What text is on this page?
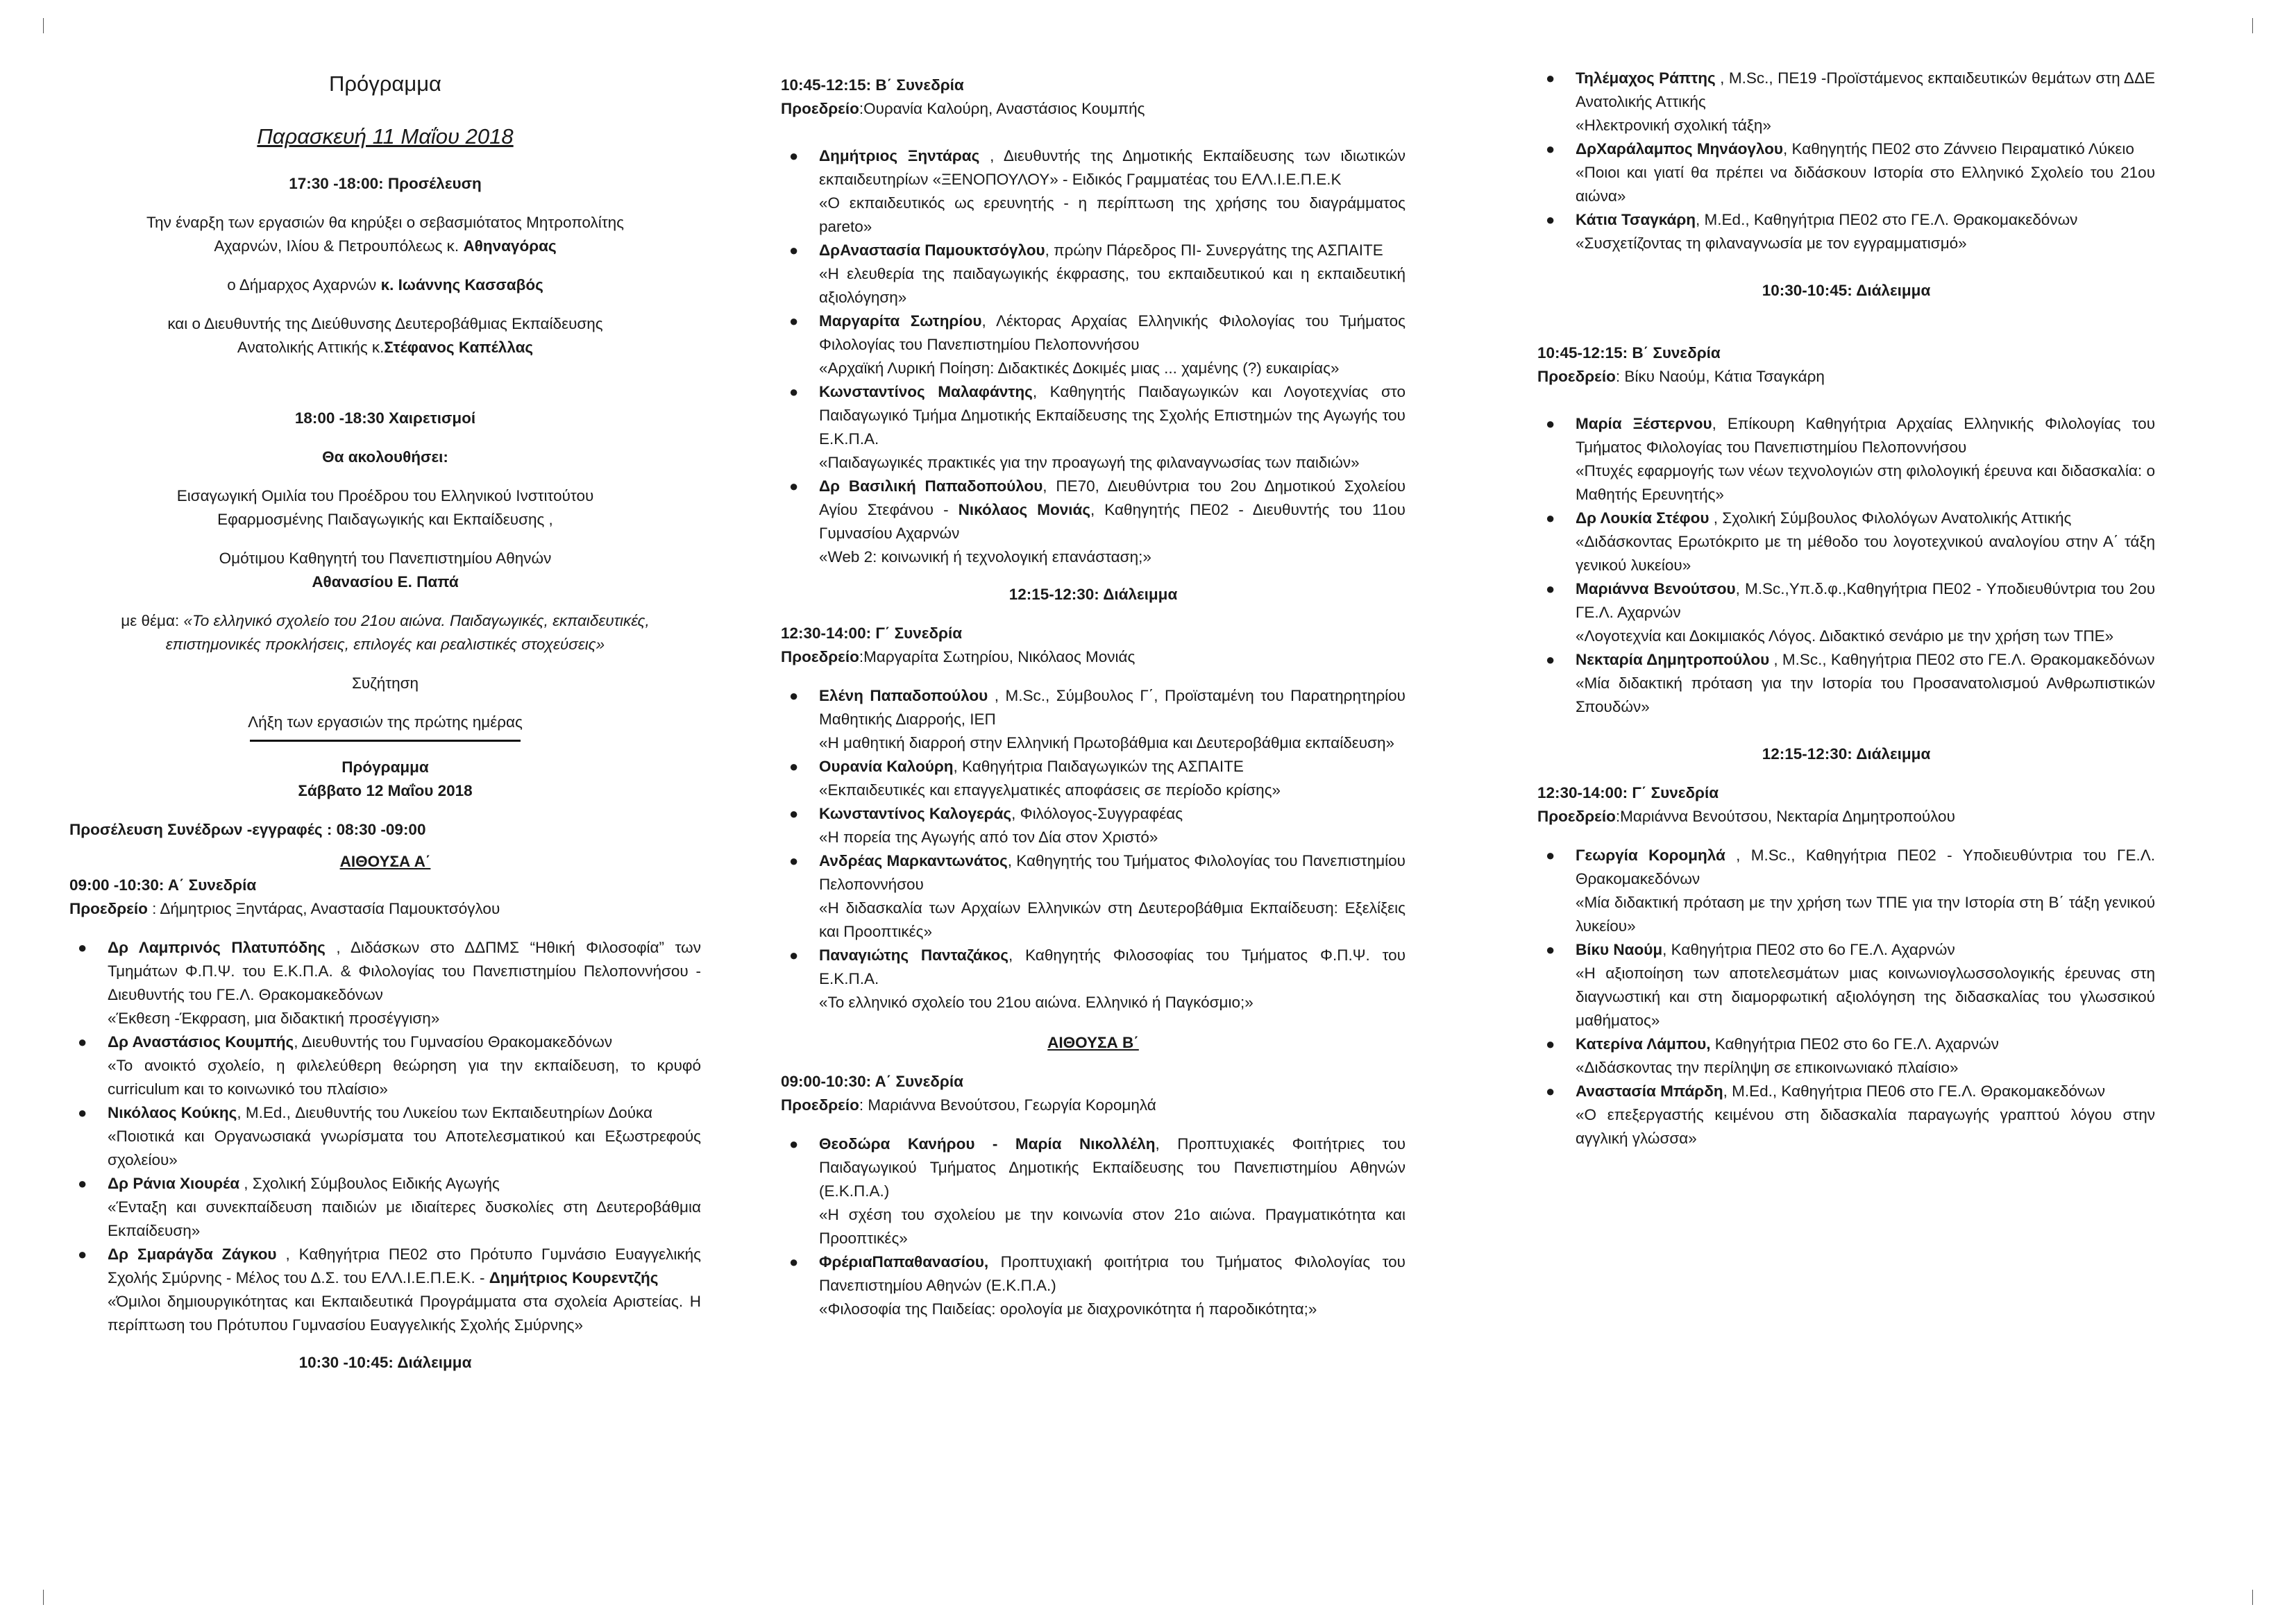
Πρόγραμμα
Παρασκευή 11 Μαΐου 2018
17:30 -18:00: Προσέλευση
Την έναρξη των εργασιών θα κηρύξει ο σεβασμιότατος Μητροπολίτης
Αχαρνών, Ιλίου & Πετρουπόλεως κ. Αθηναγόρας
ο Δήμαρχος Αχαρνών κ. Ιωάννης Κασσαβός
και ο Διευθυντής της Διεύθυνσης Δευτεροβάθμιας Εκπαίδευσης
Ανατολικής Αττικής κ.Στέφανος Καπέλλας
18:00 -18:30 Χαιρετισμοί
Θα ακολουθήσει:
Εισαγωγική Ομιλία του Προέδρου του Ελληνικού Ινστιτούτου
Εφαρμοσμένης Παιδαγωγικής και Εκπαίδευσης ,
Ομότιμου Καθηγητή του Πανεπιστημίου Αθηνών
Αθανασίου Ε. Παπά
με θέμα: «Το ελληνικό σχολείο του 21ου αιώνα. Παιδαγωγικές, εκπαιδευτικές,
επιστημονικές προκλήσεις, επιλογές και ρεαλιστικές στοχεύσεις»
Συζήτηση
Λήξη των εργασιών της πρώτης ημέρας
Πρόγραμμα
Σάββατο 12 Μαΐου 2018
Προσέλευση Συνέδρων -εγγραφές : 08:30 -09:00
ΑΙΘΟΥΣΑ Α΄
09:00 -10:30: Α΄ Συνεδρία
Προεδρείο : Δήμητριος Ξηντάρας, Αναστασία Παμουκτσόγλου
● Δρ Λαμπρινός Πλατυπόδης , Διδάσκων στο ΔΔΠΜΣ “Ηθική Φιλοσοφία” των Τμημάτων Φ.Π.Ψ. του Ε.Κ.Π.Α. & Φιλολογίας του Πανεπιστημίου Πελοποννήσου - Διευθυντής του ΓΕ.Λ. Θρακομακεδόνων
«Έκθεση -Έκφραση, μια διδακτική προσέγγιση»
● Δρ Αναστάσιος Κουμπής, Διευθυντής του Γυμνασίου Θρακομακεδόνων
«Το ανοικτό σχολείο, η φιλελεύθερη θεώρηση για την εκπαίδευση, το κρυφό curriculum και το κοινωνικό του πλαίσιο»
● Νικόλαος Κούκης, M.Ed., Διευθυντής του Λυκείου των Εκπαιδευτηρίων Δούκα
«Ποιοτικά και Οργανωσιακά γνωρίσματα του Αποτελεσματικού και Εξωστρεφούς σχολείου»
● Δρ Ράνια Χιουρέα , Σχολική Σύμβουλος Ειδικής Αγωγής
«Ένταξη και συνεκπαίδευση παιδιών με ιδιαίτερες δυσκολίες στη Δευτεροβάθμια Εκπαίδευση»
● Δρ Σμαράγδα Ζάγκου , Καθηγήτρια ΠΕ02 στο Πρότυπο Γυμνάσιο Ευαγγελικής Σχολής Σμύρνης - Μέλος του Δ.Σ. του ΕΛΛ.Ι.Ε.Π.Ε.Κ. - Δημήτριος Κουρεντζής
«Όμιλοι δημιουργικότητας και Εκπαιδευτικά Προγράμματα στα σχολεία Αριστείας. Η περίπτωση του Πρότυπου Γυμνασίου Ευαγγελικής Σχολής Σμύρνης»
10:30 -10:45: Διάλειμμα
10:45-12:15: Β΄ Συνεδρία
Προεδρείο:Ουρανία Καλούρη, Αναστάσιος Κουμπής
● Δημήτριος Ξηντάρας , Διευθυντής της Δημοτικής Εκπαίδευσης των ιδιωτικών εκπαιδευτηρίων «ΞΕΝΟΠΟΥΛΟΥ» - Ειδικός Γραμματέας του ΕΛΛ.Ι.Ε.Π.Ε.Κ
«Ο εκπαιδευτικός ως ερευνητής - η περίπτωση της χρήσης του διαγράμματος pareto»
● ΔρΑναστασία Παμουκτσόγλου, πρώην Πάρεδρος ΠΙ- Συνεργάτης της ΑΣΠΑΙΤΕ
«Η ελευθερία της παιδαγωγικής έκφρασης, του εκπαιδευτικού και η εκπαιδευτική αξιολόγηση»
● Μαργαρίτα Σωτηρίου, Λέκτορας Αρχαίας Ελληνικής Φιλολογίας του Τμήματος Φιλολογίας του Πανεπιστημίου Πελοποννήσου
«Αρχαϊκή Λυρική Ποίηση: Διδακτικές Δοκιμές μιας ... χαμένης (?) ευκαιρίας»
● Κωνσταντίνος Μαλαφάντης, Καθηγητής Παιδαγωγικών και Λογοτεχνίας στο Παιδαγωγικό Τμήμα Δημοτικής Εκπαίδευσης της Σχολής Επιστημών της Αγωγής του Ε.Κ.Π.Α.
«Παιδαγωγικές πρακτικές για την προαγωγή της φιλαναγνωσίας των παιδιών»
● Δρ Βασιλική Παπαδοπούλου, ΠΕ70, Διευθύντρια του 2ου Δημοτικού Σχολείου Αγίου Στεφάνου - Νικόλαος Μονιάς, Καθηγητής ΠΕ02 - Διευθυντής του 11ου Γυμνασίου Αχαρνών
«Web 2: κοινωνική ή τεχνολογική επανάσταση;»
12:15-12:30: Διάλειμμα
12:30-14:00: Γ΄ Συνεδρία
Προεδρείο:Μαργαρίτα Σωτηρίου, Νικόλαος Μονιάς
● Ελένη Παπαδοπούλου , M.Sc., Σύμβουλος Γ΄, Προϊσταμένη του Παρατηρητηρίου Μαθητικής Διαρροής, ΙΕΠ
«Η μαθητική διαρροή στην Ελληνική Πρωτοβάθμια και Δευτεροβάθμια εκπαίδευση»
● Ουρανία Καλούρη, Καθηγήτρια Παιδαγωγικών της ΑΣΠΑΙΤΕ
«Εκπαιδευτικές και επαγγελματικές αποφάσεις σε περίοδο κρίσης»
● Κωνσταντίνος Καλογεράς, Φιλόλογος-Συγγραφέας
«Η πορεία της Αγωγής από τον Δία στον Χριστό»
● Ανδρέας Μαρκαντωνάτος, Καθηγητής του Τμήματος Φιλολογίας του Πανεπιστημίου Πελοποννήσου
«Η διδασκαλία των Αρχαίων Ελληνικών στη Δευτεροβάθμια Εκπαίδευση: Εξελίξεις και Προοπτικές»
● Παναγιώτης Πανταζάκος, Καθηγητής Φιλοσοφίας του Τμήματος Φ.Π.Ψ. του Ε.Κ.Π.Α.
«Το ελληνικό σχολείο του 21ου αιώνα. Ελληνικό ή Παγκόσμιο;»
ΑΙΘΟΥΣΑ Β΄
09:00-10:30: Α΄ Συνεδρία
Προεδρείο: Μαριάννα Βενούτσου, Γεωργία Κορομηλά
● Θεοδώρα Κανήρου - Μαρία Νικολλέλη, Προπτυχιακές Φοιτήτριες του Παιδαγωγικού Τμήματος Δημοτικής Εκπαίδευσης του Πανεπιστημίου Αθηνών (Ε.Κ.Π.Α.)
«Η σχέση του σχολείου με την κοινωνία στον 21ο αιώνα. Πραγματικότητα και Προοπτικές»
● ΦρέριαΠαπαθανασίου, Προπτυχιακή φοιτήτρια του Τμήματος Φιλολογίας του Πανεπιστημίου Αθηνών (Ε.Κ.Π.Α.)
«Φιλοσοφία της Παιδείας: ορολογία με διαχρονικότητα ή παροδικότητα;»
● Τηλέμαχος Ράπτης , M.Sc., ΠΕ19 -Προϊστάμενος εκπαιδευτικών θεμάτων στη ΔΔΕ Ανατολικής Αττικής
«Ηλεκτρονική σχολική τάξη»
● ΔρΧαράλαμπος Μηνάογλου, Καθηγητής ΠΕ02 στο Ζάννειο Πειραματικό Λύκειο
«Ποιοι και γιατί θα πρέπει να διδάσκουν Ιστορία στο Ελληνικό Σχολείο του 21ου αιώνα»
● Κάτια Τσαγκάρη, M.Ed., Καθηγήτρια ΠΕ02 στο ΓΕ.Λ. Θρακομακεδόνων
«Συσχετίζοντας τη φιλαναγνωσία με τον εγγραμματισμό»
10:30-10:45: Διάλειμμα
10:45-12:15: Β΄ Συνεδρία
Προεδρείο: Βίκυ Ναούμ, Κάτια Τσαγκάρη
● Μαρία Ξέστερνου, Επίκουρη Καθηγήτρια Αρχαίας Ελληνικής Φιλολογίας του Τμήματος Φιλολογίας του Πανεπιστημίου Πελοποννήσου
«Πτυχές εφαρμογής των νέων τεχνολογιών στη φιλολογική έρευνα και διδασκαλία: ο Μαθητής Ερευνητής»
● Δρ Λουκία Στέφου , Σχολική Σύμβουλος Φιλολόγων Ανατολικής Αττικής
«Διδάσκοντας Ερωτόκριτο με τη μέθοδο του λογοτεχνικού αναλογίου στην Α΄ τάξη γενικού λυκείου»
● Μαριάννα Βενούτσου, M.Sc.,Υπ.δ.φ.,Καθηγήτρια ΠΕ02 - Υποδιευθύντρια του 2ου ΓΕ.Λ. Αχαρνών
«Λογοτεχνία και Δοκιμιακός Λόγος. Διδακτικό σενάριο με την χρήση των ΤΠΕ»
● Νεκταρία Δημητροπούλου , M.Sc., Καθηγήτρια ΠΕ02 στο ΓΕ.Λ. Θρακομακεδόνων
«Μία διδακτική πρόταση για την Ιστορία του Προσανατολισμού Ανθρωπιστικών Σπουδών»
12:15-12:30: Διάλειμμα
12:30-14:00: Γ΄ Συνεδρία
Προεδρείο:Μαριάννα Βενούτσου, Νεκταρία Δημητροπούλου
● Γεωργία Κορομηλά , M.Sc., Καθηγήτρια ΠΕ02 - Υποδιευθύντρια του ΓΕ.Λ. Θρακομακεδόνων
«Μία διδακτική πρόταση με την χρήση των ΤΠΕ για την Ιστορία στη Β΄ τάξη γενικού λυκείου»
● Βίκυ Ναούμ, Καθηγήτρια ΠΕ02 στο 6ο ΓΕ.Λ. Αχαρνών
«Η αξιοποίηση των αποτελεσμάτων μιας κοινωνιογλωσσολογικής έρευνας στη διαγνωστική και στη διαμορφωτική αξιολόγηση της διδασκαλίας του γλωσσικού μαθήματος»
● Κατερίνα Λάμπου, Καθηγήτρια ΠΕ02 στο 6ο ΓΕ.Λ. Αχαρνών
«Διδάσκοντας την περίληψη σε επικοινωνιακό πλαίσιο»
● Αναστασία Μπάρδη, M.Ed., Καθηγήτρια ΠΕ06 στο ΓΕ.Λ. Θρακομακεδόνων
«Ο επεξεργαστής κειμένου στη διδασκαλία παραγωγής γραπτού λόγου στην αγγλική γλώσσα»
